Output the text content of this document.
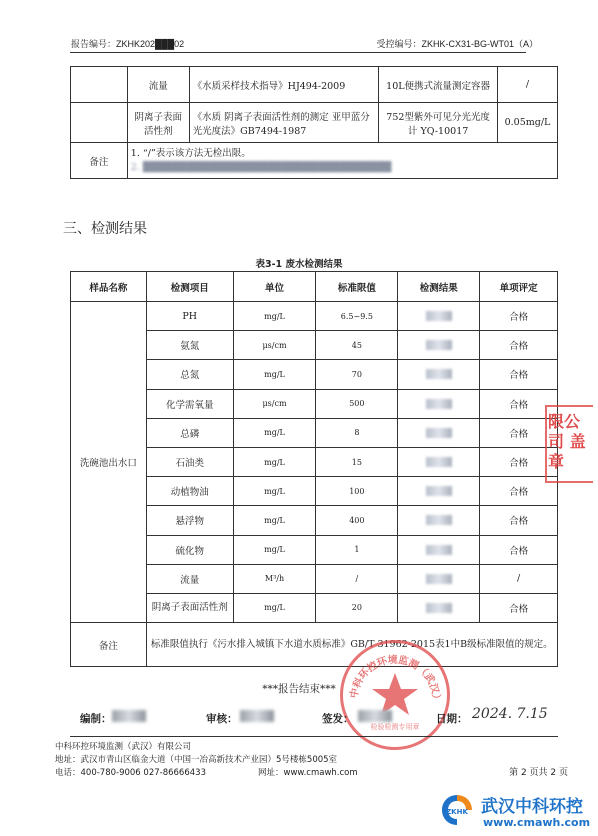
报告编号：ZKHK202███02	受控编号：ZKHK-CX31-BG-WT01（A）
	流量	《水质采样技术指导》HJ494-2009	10L便携式流量测定容器	/
	阴离子表面活性剂	《水质 阴离子表面活性剂的测定 亚甲蓝分光光度法》GB7494-1987	752型紫外可见分光光度计 YQ-10017	0.05mg/L
备注	1. “/”表示该方法无检出限。
2. ██████████████████████████████████			
三、检测结果
表3-1 废水检测结果
样品名称	检测项目	单位	标准限值	检测结果	单项评定
洗碗池出水口	PH	mg/L	6.5~9.5		合格
	氨氮	μs/cm	45		合格
	总氮	mg/L	70		合格
	化学需氧量	μs/cm	500		合格
	总磷	mg/L	8		合格
	石油类	mg/L	15		合格
	动植物油	mg/L	100		合格
	悬浮物	mg/L	400		合格
	硫化物	mg/L	1		合格
	流量	M³/h	/		/
	阴离子表面活性剂	mg/L	20		合格
备注	标准限值执行《污水排入城镇下水道水质标准》GB/T 31962-2015表1中B级标准限值的规定。				
中科环控环境监测（武汉）
检验检测专用章
限公司 盖章
***报告结束***
编制：	审核：	签发：	日期： 2024. 7.15
中科环控环境监测（武汉）有限公司
地址：武汉市青山区临金大道（中国一冶高新技术产业园）5号楼栋5005室
电话：400-780-9006 027-86666433	网址：www.cmawh.com	第 2 页共 2 页
ZKHK 武汉中科环控
www.cmawh.com
